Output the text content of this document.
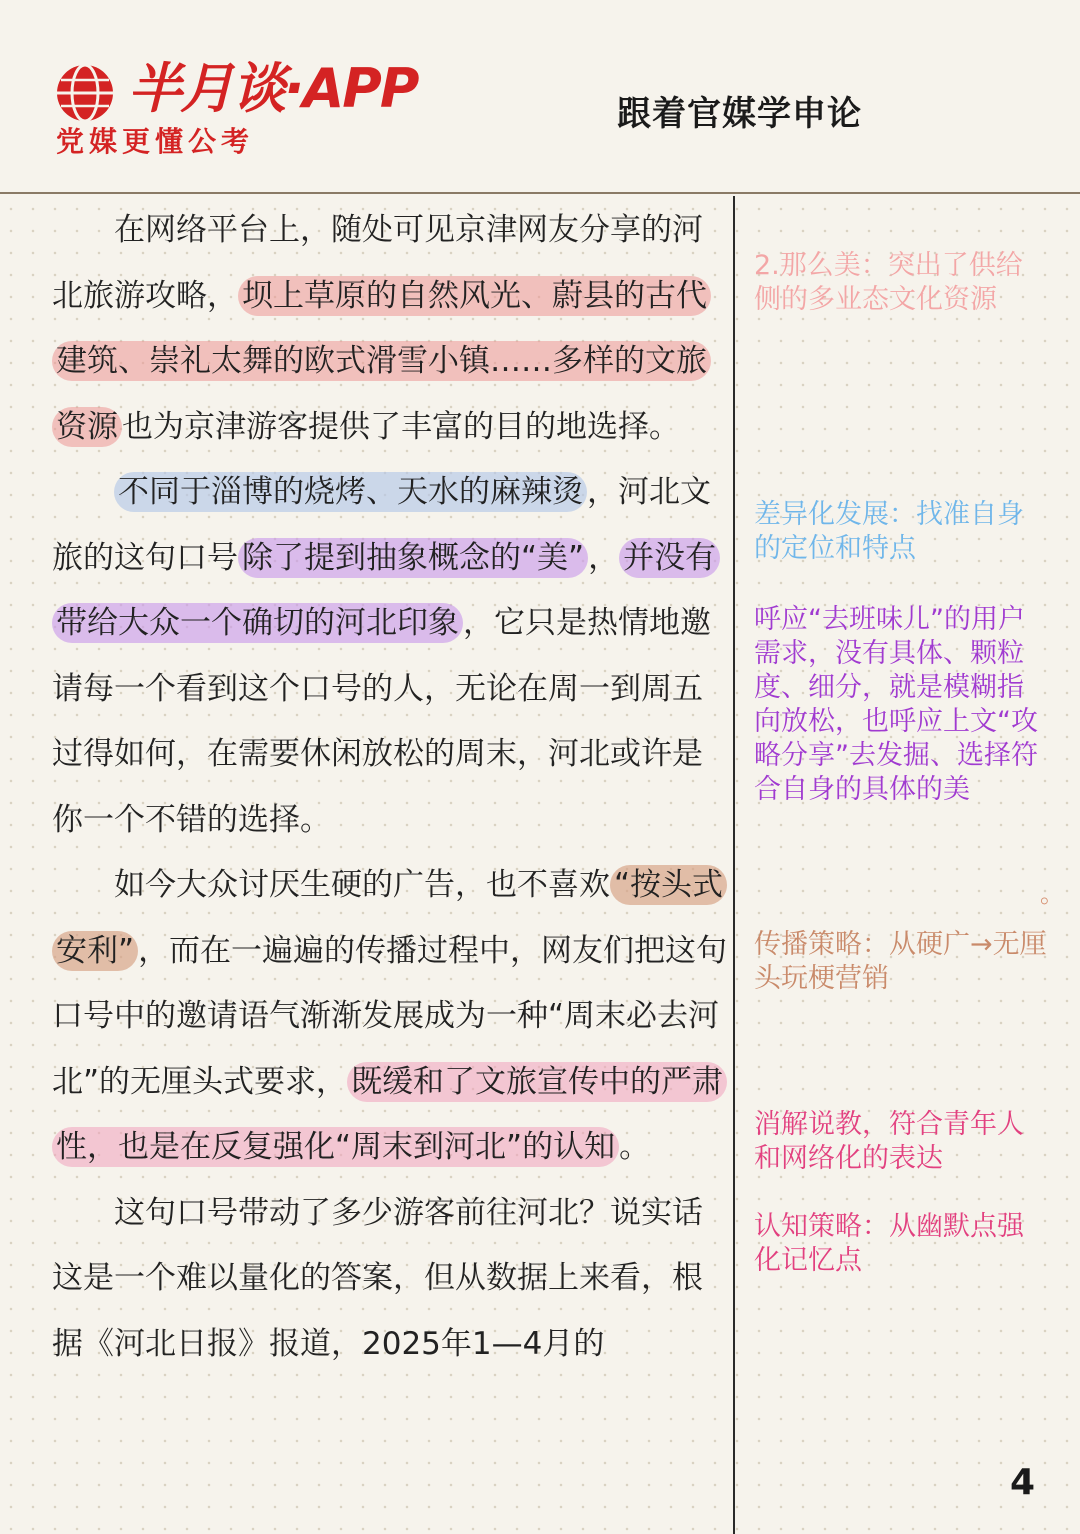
半月谈·APP
党媒更懂公考
跟着官媒学申论

在网络平台上，随处可见京津网友分享的河北旅游攻略， 坝上草原的自然风光、蔚县的古代建筑、崇礼太舞的欧式滑雪小镇……多样的文旅资源 也为京津游客提供了丰富的目的地选择。

不同于淄博的烧烤、天水的麻辣烫 ，河北文旅的这句口号 除了提到抽象概念的“美” ， 并没有带给大众一个确切的河北印象 ，它只是热情地邀请每一个看到这个口号的人，无论在周一到周五过得如何，在需要休闲放松的周末，河北或许是你一个不错的选择。

如今大众讨厌生硬的广告，也不喜欢 “按头式安利” ，而在一遍遍的传播过程中，网友们把这句口号中的邀请语气渐渐发展成为一种“周末必去河北”的无厘头式要求， 既缓和了文旅宣传中的严肃性，也是在反复强化“周末到河北”的认知 。

这句口号带动了多少游客前往河北？说实话这是一个难以量化的答案，但从数据上来看，根据《河北日报》报道，2025年1—4月的

2.那么美：突出了供给侧的多业态文化资源
差异化发展：找准自身的定位和特点
呼应“去班味儿”的用户需求，没有具体、颗粒度、细分，就是模糊指向放松，也呼应上文“攻略分享”去发掘、选择符合自身的具体的美
。
传播策略：从硬广→无厘头玩梗营销
消解说教，符合青年人和网络化的表达
认知策略：从幽默点强化记忆点
4
